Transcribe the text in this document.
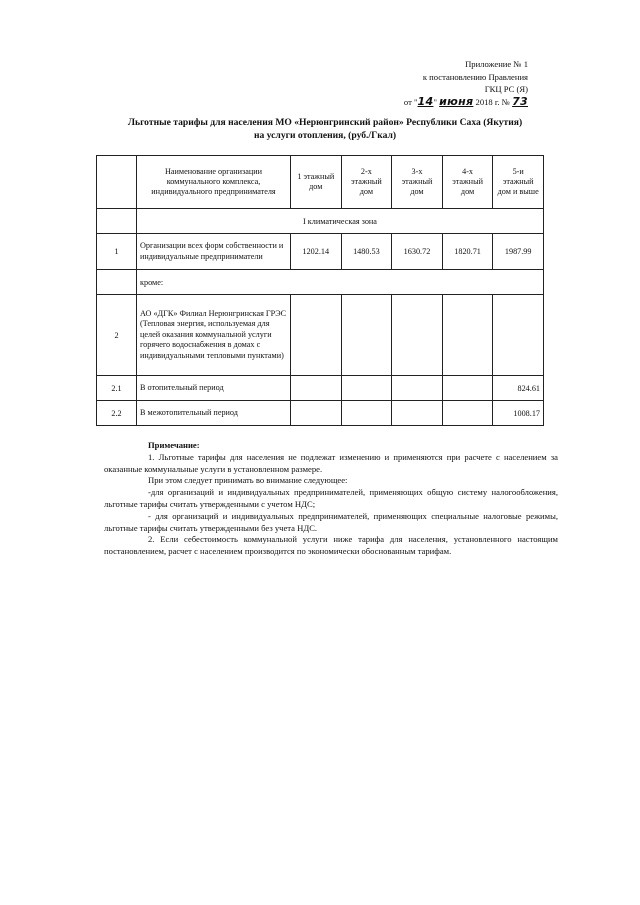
Приложение № 1
к постановлению Правления
ГКЦ РС (Я)
от "14" июня 2018 г. № 73
Льготные тарифы для населения МО «Нерюнгринский район» Республики Саха (Якутия)
на услуги отопления, (руб./Гкал)
	Наименование организации коммунального комплекса, индивидуального предпринимателя	1 этажный дом	2-х этажный дом	3-х этажный дом	4-х этажный дом	5-и этажный дом и выше
	I климатическая зона					
1	Организации всех форм собственности и индивидуальные предприниматели	1202.14	1480.53	1630.72	1820.71	1987.99
	кроме:					
2	АО «ДГК» Филиал Нерюнгринская ГРЭС (Тепловая энергия, используемая для целей оказания коммунальной услуги горячего водоснабжения в домах с индивидуальными тепловыми пунктами)					
2.1	В отопительный период					824.61
2.2	В межотопительный период					1008.17

Примечание:

1. Льготные тарифы для населения не подлежат изменению и применяются при расчете с населением за оказанные коммунальные услуги в установленном размере.

При этом следует принимать во внимание следующее:

-для организаций и индивидуальных предпринимателей, применяющих общую систему налогообложения, льготные тарифы считать утвержденными с учетом НДС;

- для организаций и индивидуальных предпринимателей, применяющих специальные налоговые режимы, льготные тарифы считать утвержденными без учета НДС.

2. Если себестоимость коммунальной услуги ниже тарифа для населения, установленного настоящим постановлением, расчет с населением производится по экономически обоснованным тарифам.
